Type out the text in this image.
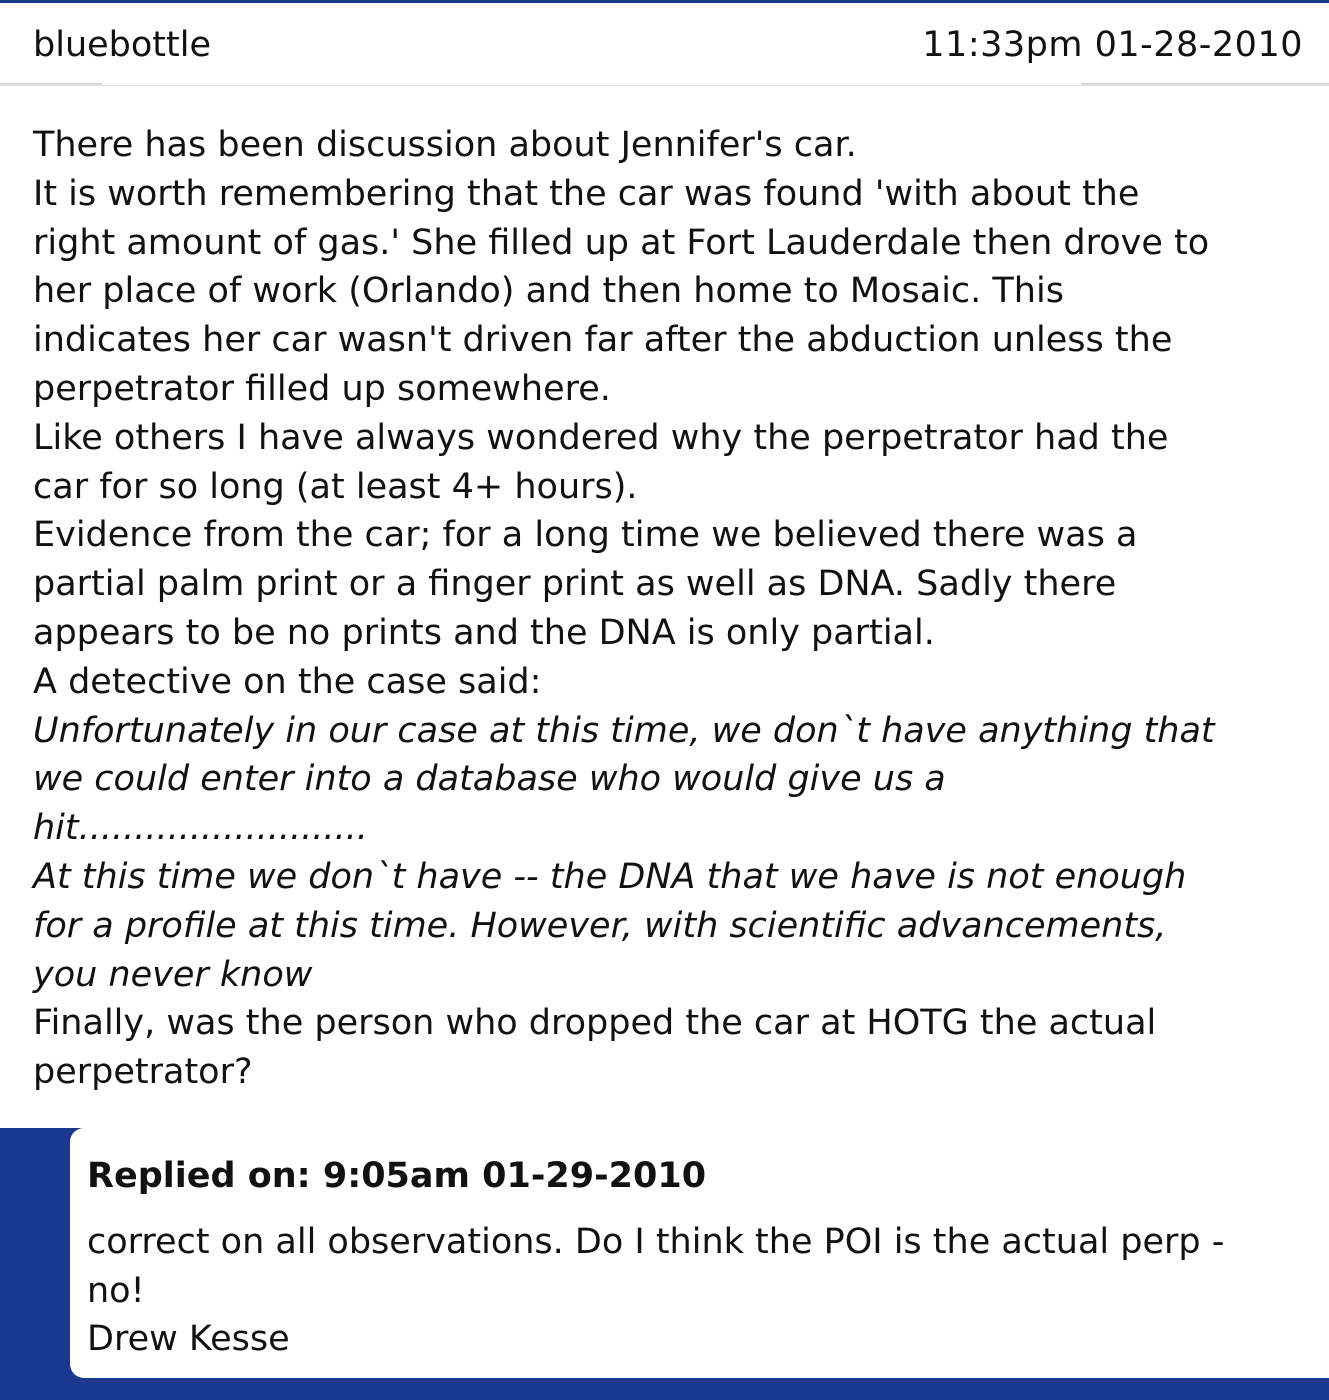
bluebottle	11:33pm 01-28-2010
There has been discussion about Jennifer's car.
It is worth remembering that the car was found 'with about the
right amount of gas.' She filled up at Fort Lauderdale then drove to
her place of work (Orlando) and then home to Mosaic. This
indicates her car wasn't driven far after the abduction unless the
perpetrator filled up somewhere.
Like others I have always wondered why the perpetrator had the
car for so long (at least 4+ hours).
Evidence from the car; for a long time we believed there was a
partial palm print or a finger print as well as DNA. Sadly there
appears to be no prints and the DNA is only partial.
A detective on the case said:
Unfortunately in our case at this time, we don`t have anything that
we could enter into a database who would give us a
hit..........................
At this time we don`t have -- the DNA that we have is not enough
for a profile at this time. However, with scientific advancements,
you never know
Finally, was the person who dropped the car at HOTG the actual
perpetrator?
Replied on: 9:05am 01-29-2010
correct on all observations. Do I think the POI is the actual perp -
no!
Drew Kesse
